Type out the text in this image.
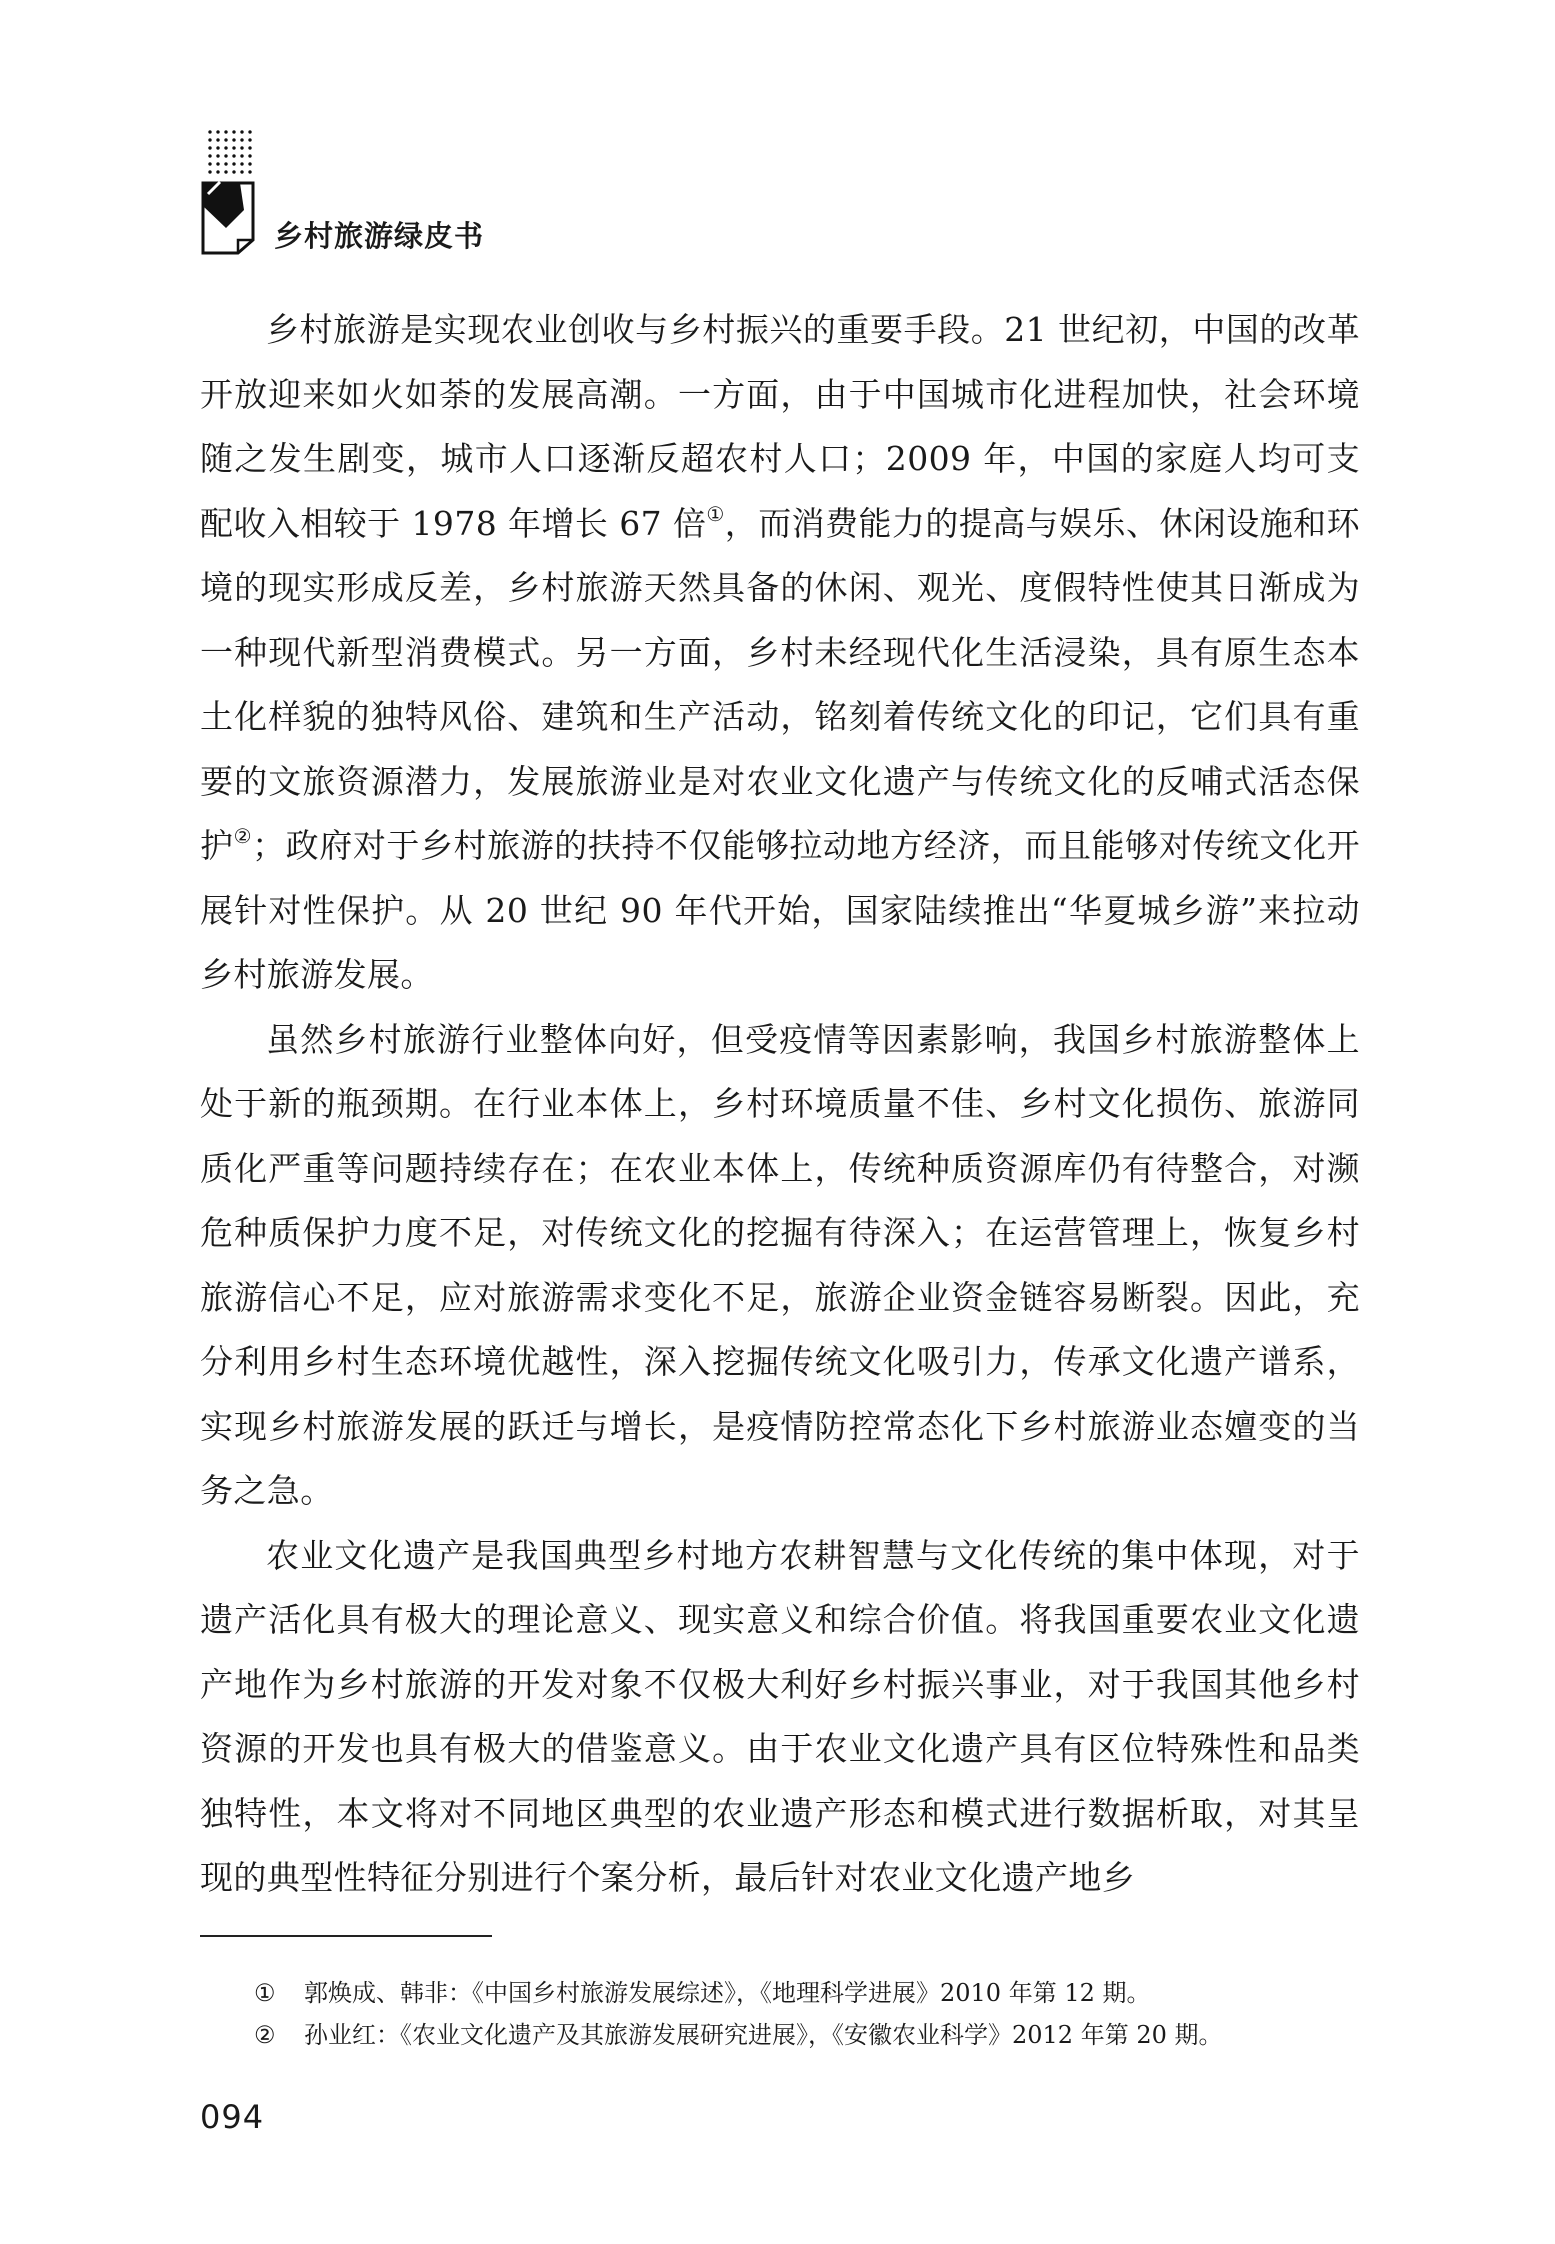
乡村旅游绿皮书

乡村旅游是实现农业创收与乡村振兴的重要手段。21 世纪初，中国的改革开放迎来如火如荼的发展高潮。一方面，由于中国城市化进程加快，社会环境随之发生剧变，城市人口逐渐反超农村人口；2009 年，中国的家庭人均可支配收入相较于 1978 年增长 67 倍①，而消费能力的提高与娱乐、休闲设施和环境的现实形成反差，乡村旅游天然具备的休闲、观光、度假特性使其日渐成为一种现代新型消费模式。另一方面，乡村未经现代化生活浸染，具有原生态本土化样貌的独特风俗、建筑和生产活动，铭刻着传统文化的印记，它们具有重要的文旅资源潜力，发展旅游业是对农业文化遗产与传统文化的反哺式活态保护②；政府对于乡村旅游的扶持不仅能够拉动地方经济，而且能够对传统文化开展针对性保护。从 20 世纪 90 年代开始，国家陆续推出“华夏城乡游”来拉动乡村旅游发展。

虽然乡村旅游行业整体向好，但受疫情等因素影响，我国乡村旅游整体上处于新的瓶颈期。在行业本体上，乡村环境质量不佳、乡村文化损伤、旅游同质化严重等问题持续存在；在农业本体上，传统种质资源库仍有待整合，对濒危种质保护力度不足，对传统文化的挖掘有待深入；在运营管理上，恢复乡村旅游信心不足，应对旅游需求变化不足，旅游企业资金链容易断裂。因此，充分利用乡村生态环境优越性，深入挖掘传统文化吸引力，传承文化遗产谱系，实现乡村旅游发展的跃迁与增长，是疫情防控常态化下乡村旅游业态嬗变的当务之急。

农业文化遗产是我国典型乡村地方农耕智慧与文化传统的集中体现，对于遗产活化具有极大的理论意义、现实意义和综合价值。将我国重要农业文化遗产地作为乡村旅游的开发对象不仅极大利好乡村振兴事业，对于我国其他乡村资源的开发也具有极大的借鉴意义。由于农业文化遗产具有区位特殊性和品类独特性，本文将对不同地区典型的农业遗产形态和模式进行数据析取，对其呈现的典型性特征分别进行个案分析，最后针对农业文化遗产地乡

①	郭焕成、韩非：《中国乡村旅游发展综述》，《地理科学进展》2010 年第 12 期。
②	孙业红：《农业文化遗产及其旅游发展研究进展》，《安徽农业科学》2012 年第 20 期。
094
